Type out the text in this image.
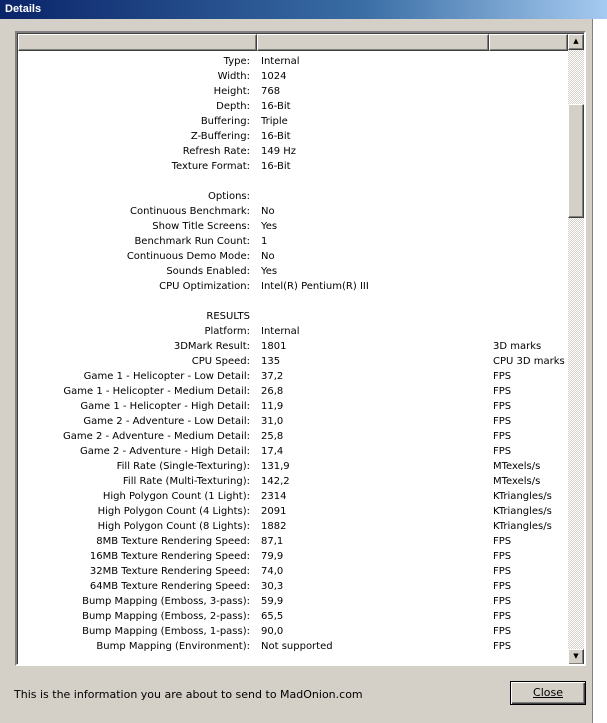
Details
Type: Internal
Width: 1024
Height: 768
Depth: 16-Bit
Buffering: Triple
Z-Buffering: 16-Bit
Refresh Rate: 149 Hz
Texture Format: 16-Bit
Options:
Continuous Benchmark: No
Show Title Screens: Yes
Benchmark Run Count: 1
Continuous Demo Mode: No
Sounds Enabled: Yes
CPU Optimization: Intel(R) Pentium(R) III
RESULTS
Platform: Internal
3DMark Result: 1801	3D marks
CPU Speed: 135	CPU 3D marks
Game 1 - Helicopter - Low Detail: 37,2	FPS
Game 1 - Helicopter - Medium Detail: 26,8	FPS
Game 1 - Helicopter - High Detail: 11,9	FPS
Game 2 - Adventure - Low Detail: 31,0	FPS
Game 2 - Adventure - Medium Detail: 25,8	FPS
Game 2 - Adventure - High Detail: 17,4	FPS
Fill Rate (Single-Texturing): 131,9	MTexels/s
Fill Rate (Multi-Texturing): 142,2	MTexels/s
High Polygon Count (1 Light): 2314	KTriangles/s
High Polygon Count (4 Lights): 2091	KTriangles/s
High Polygon Count (8 Lights): 1882	KTriangles/s
8MB Texture Rendering Speed: 87,1	FPS
16MB Texture Rendering Speed: 79,9	FPS
32MB Texture Rendering Speed: 74,0	FPS
64MB Texture Rendering Speed: 30,3	FPS
Bump Mapping (Emboss, 3-pass): 59,9	FPS
Bump Mapping (Emboss, 2-pass): 65,5	FPS
Bump Mapping (Emboss, 1-pass): 90,0	FPS
Bump Mapping (Environment): Not supported	FPS
▲
▼
This is the information you are about to send to MadOnion.com	Close
